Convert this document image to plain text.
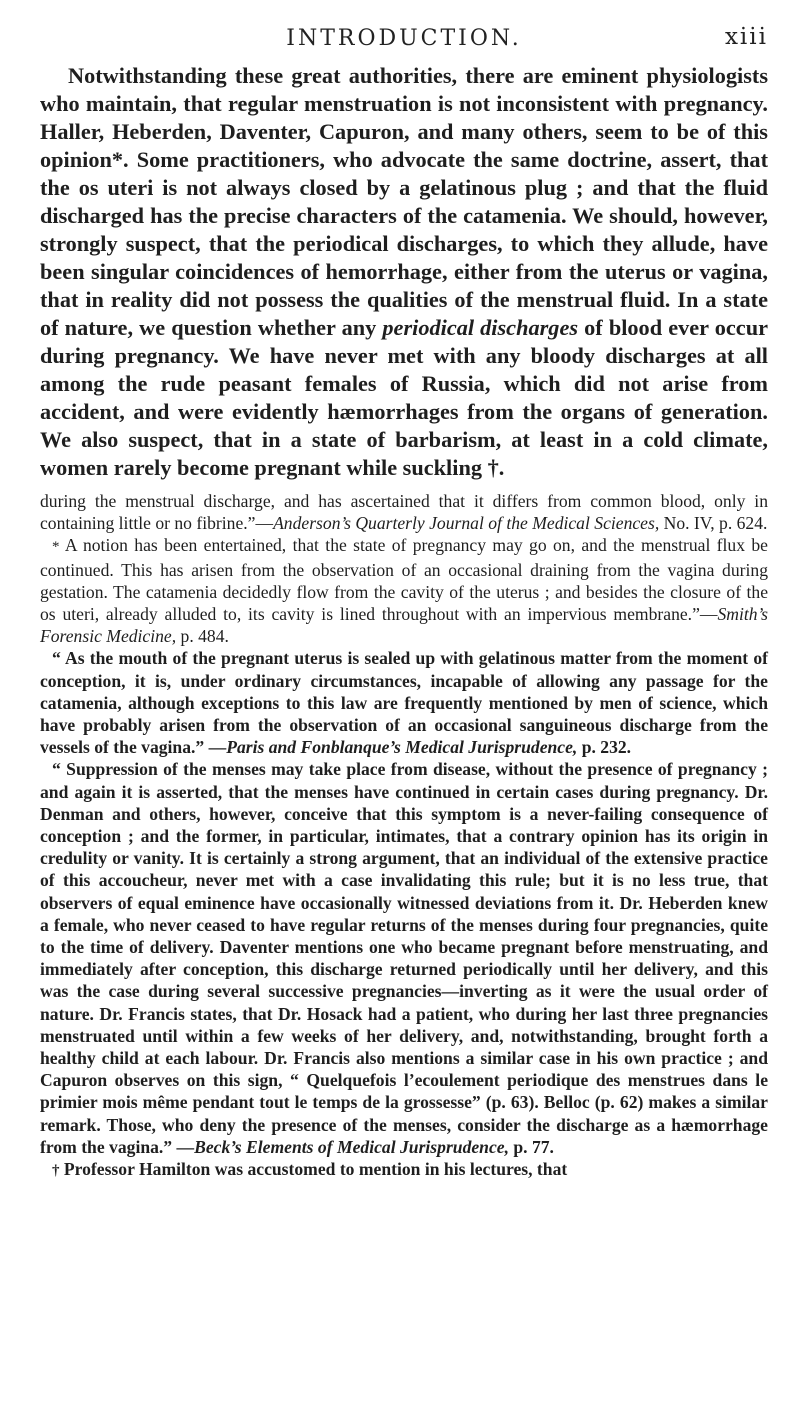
INTRODUCTION.	xiii

Notwithstanding these great authorities, there are eminent physiologists who maintain, that regular menstruation is not inconsistent with pregnancy. Haller, Heberden, Daventer, Capuron, and many others, seem to be of this opinion*. Some practitioners, who advocate the same doctrine, assert, that the os uteri is not always closed by a gelatinous plug ; and that the fluid discharged has the precise characters of the catamenia. We should, however, strongly suspect, that the periodical discharges, to which they allude, have been singular coincidences of hemorrhage, either from the uterus or vagina, that in reality did not possess the qualities of the menstrual fluid. In a state of nature, we question whether any periodical discharges of blood ever occur during pregnancy. We have never met with any bloody discharges at all among the rude peasant females of Russia, which did not arise from accident, and were evidently hæmorrhages from the organs of generation. We also suspect, that in a state of barbarism, at least in a cold climate, women rarely become pregnant while suckling †.

during the menstrual discharge, and has ascertained that it differs from common blood, only in containing little or no fibrine.”—Anderson’s Quarterly Journal of the Medical Sciences, No. IV, p. 624.

* A notion has been entertained, that the state of pregnancy may go on, and the menstrual flux be continued. This has arisen from the observation of an occasional draining from the vagina during gestation. The catamenia decidedly flow from the cavity of the uterus ; and besides the closure of the os uteri, already alluded to, its cavity is lined throughout with an impervious membrane.”—Smith’s Forensic Medicine, p. 484.

“ As the mouth of the pregnant uterus is sealed up with gelatinous matter from the moment of conception, it is, under ordinary circumstances, incapable of allowing any passage for the catamenia, although exceptions to this law are frequently mentioned by men of science, which have probably arisen from the observation of an occasional sanguineous discharge from the vessels of the vagina.” —Paris and Fonblanque’s Medical Jurisprudence, p. 232.

“ Suppression of the menses may take place from disease, without the presence of pregnancy ; and again it is asserted, that the menses have continued in certain cases during pregnancy. Dr. Denman and others, however, conceive that this symptom is a never-failing consequence of conception ; and the former, in particular, intimates, that a contrary opinion has its origin in credulity or vanity. It is certainly a strong argument, that an individual of the extensive practice of this accoucheur, never met with a case invalidating this rule; but it is no less true, that observers of equal eminence have occasionally witnessed deviations from it. Dr. Heberden knew a female, who never ceased to have regular returns of the menses during four pregnancies, quite to the time of delivery. Daventer mentions one who became pregnant before menstruating, and immediately after conception, this discharge returned periodically until her delivery, and this was the case during several successive pregnancies—inverting as it were the usual order of nature. Dr. Francis states, that Dr. Hosack had a patient, who during her last three pregnancies menstruated until within a few weeks of her delivery, and, notwithstanding, brought forth a healthy child at each labour. Dr. Francis also mentions a similar case in his own practice ; and Capuron observes on this sign, “ Quelquefois l’ecoulement periodique des menstrues dans le primier mois même pendant tout le temps de la grossesse” (p. 63). Belloc (p. 62) makes a similar remark. Those, who deny the presence of the menses, consider the discharge as a hæmorrhage from the vagina.” —Beck’s Elements of Medical Jurisprudence, p. 77.

† Professor Hamilton was accustomed to mention in his lectures, that
